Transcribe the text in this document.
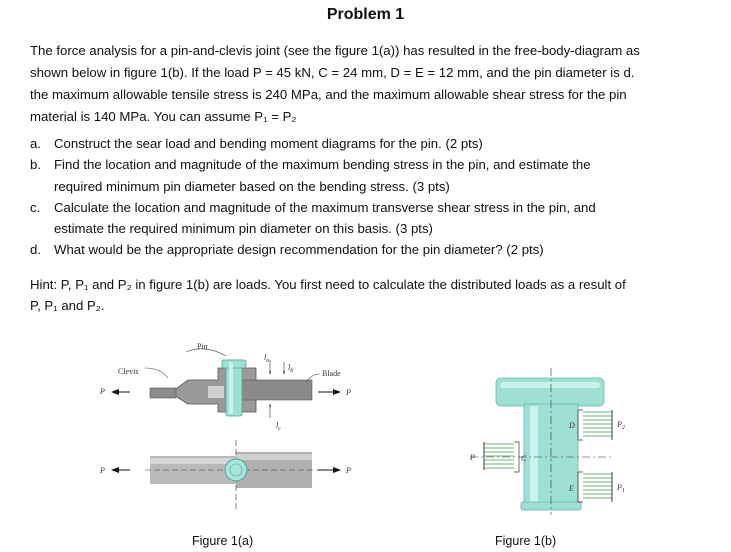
Problem 1
The force analysis for a pin-and-clevis joint (see the figure 1(a)) has resulted in the free-body-diagram as
shown below in figure 1(b). If the load P = 45 kN, C = 24 mm, D = E = 12 mm, and the pin diameter is d.
the maximum allowable tensile stress is 240 MPa, and the maximum allowable shear stress for the pin
material is 140 MPa. You can assume P₁ = P₂
a. Construct the sear load and bending moment diagrams for the pin. (2 pts)
b. Find the location and magnitude of the maximum bending stress in the pin, and estimate the
required minimum pin diameter based on the bending stress. (3 pts)
c.	Calculate the location and magnitude of the maximum transverse shear stress in the pin, and
estimate the required minimum pin diameter on this basis. (3 pts)
d. What would be the appropriate design recommendation for the pin diameter? (2 pts)
Hint: P, P₁ and P₂ in figure 1(b) are loads. You first need to calculate the distributed loads as a result of
P, P₁ and P₂.
Pin
Clevis	Blade
P	P
$l_a$
$l_b$
$l_c$
P	P
P	C
D
E
$P_2$
$P_1$
Figure 1(a)	Figure 1(b)
